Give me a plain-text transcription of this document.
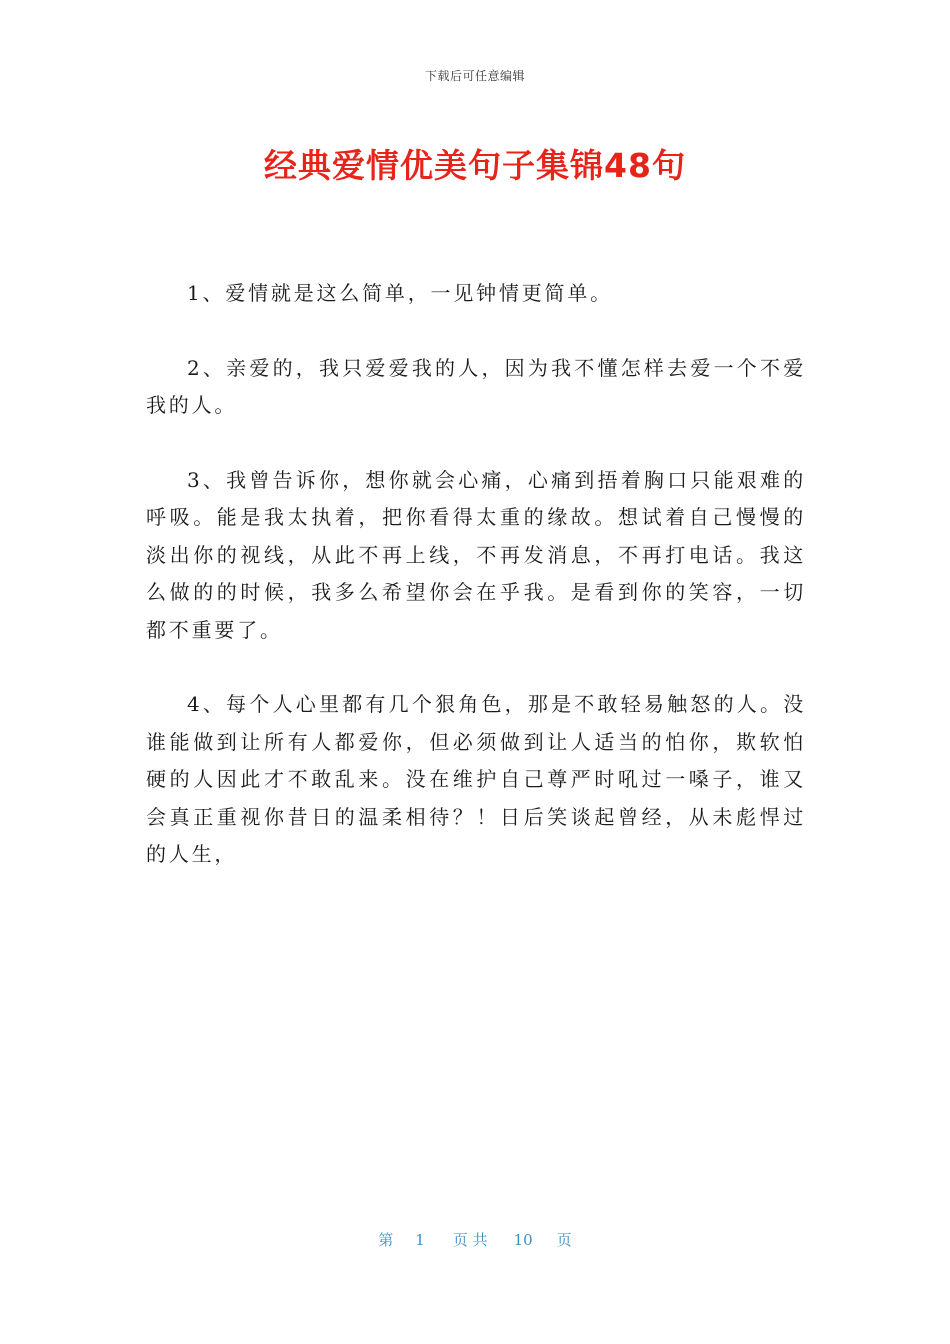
下载后可任意编辑
经典爱情优美句子集锦48句

1、爱情就是这么简单，一见钟情更简单。

2、亲爱的，我只爱爱我的人，因为我不懂怎样去爱一个不爱我的人。

3、我曾告诉你，想你就会心痛，心痛到捂着胸口只能艰难的呼吸。能是我太执着，把你看得太重的缘故。想试着自己慢慢的淡出你的视线，从此不再上线，不再发消息，不再打电话。我这么做的的时候，我多么希望你会在乎我。是看到你的笑容，一切都不重要了。

4、每个人心里都有几个狠角色，那是不敢轻易触怒的人。没谁能做到让所有人都爱你，但必须做到让人适当的怕你，欺软怕硬的人因此才不敢乱来。没在维护自己尊严时吼过一嗓子，谁又会真正重视你昔日的温柔相待？！日后笑谈起曾经，从未彪悍过的人生，

第 1 页 共 10 页
